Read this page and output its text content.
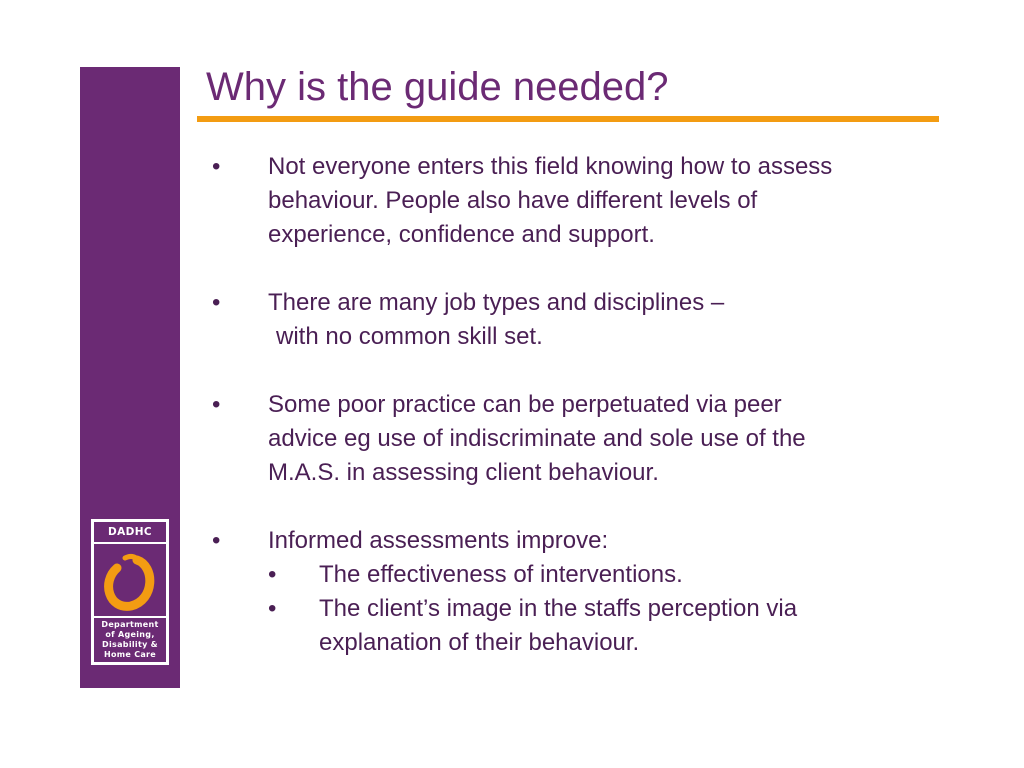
DADHC
Department
of Ageing,
Disability &
Home Care
Why is the guide needed?
• Not everyone enters this field knowing how to assess
behaviour. People also have different levels of
experience, confidence and support.
• There are many job types and disciplines –
with no common skill set.
• Some poor practice can be perpetuated via peer
advice eg use of indiscriminate and sole use of the
M.A.S. in assessing client behaviour.
• Informed assessments improve:
• The effectiveness of interventions.
• The client’s image in the staffs perception via
explanation of their behaviour.
